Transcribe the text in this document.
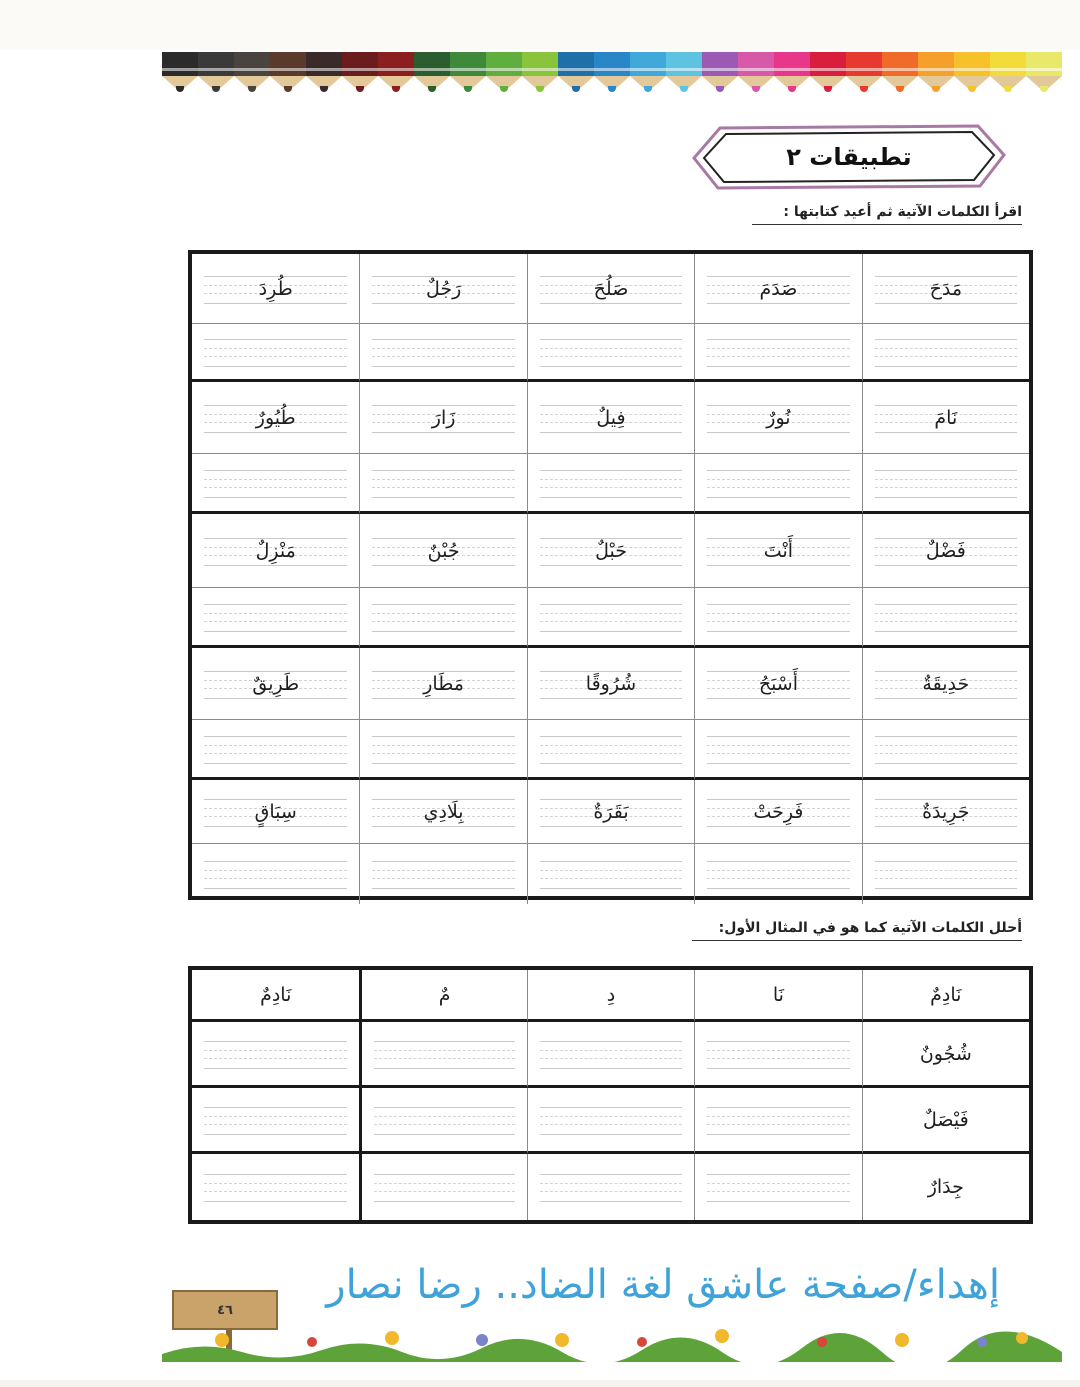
تطبيقات ٢
اقرأ الكلمات الآتية ثم أعيد كتابتها :
مَدَحَ
صَدَمَ
صَلُحَ
رَجُلٌ
طُرِدَ
نَامَ
نُورٌ
فِيلٌ
زَارَ
طُيُورٌ
فَضْلٌ
أَنْتَ
حَبْلٌ
جُبْنٌ
مَنْزِلٌ
حَدِيقَةٌ
أَسْبَحُ
شُرُوقًا
مَطَارِ
طَرِيقٌ
جَرِيدَةٌ
فَرِحَتْ
بَقَرَةٌ
بِلَادِي
سِبَاقٍ
أحلل الكلمات الآتية كما هو في المثال الأول:
نَادِمٌ
نَا
دِ
مٌ
نَادِمٌ
شُجُونٌ
فَيْصَلٌ
جِدَارٌ
إهداء/صفحة عاشق لغة الضاد.. رضا نصار
٤٦
